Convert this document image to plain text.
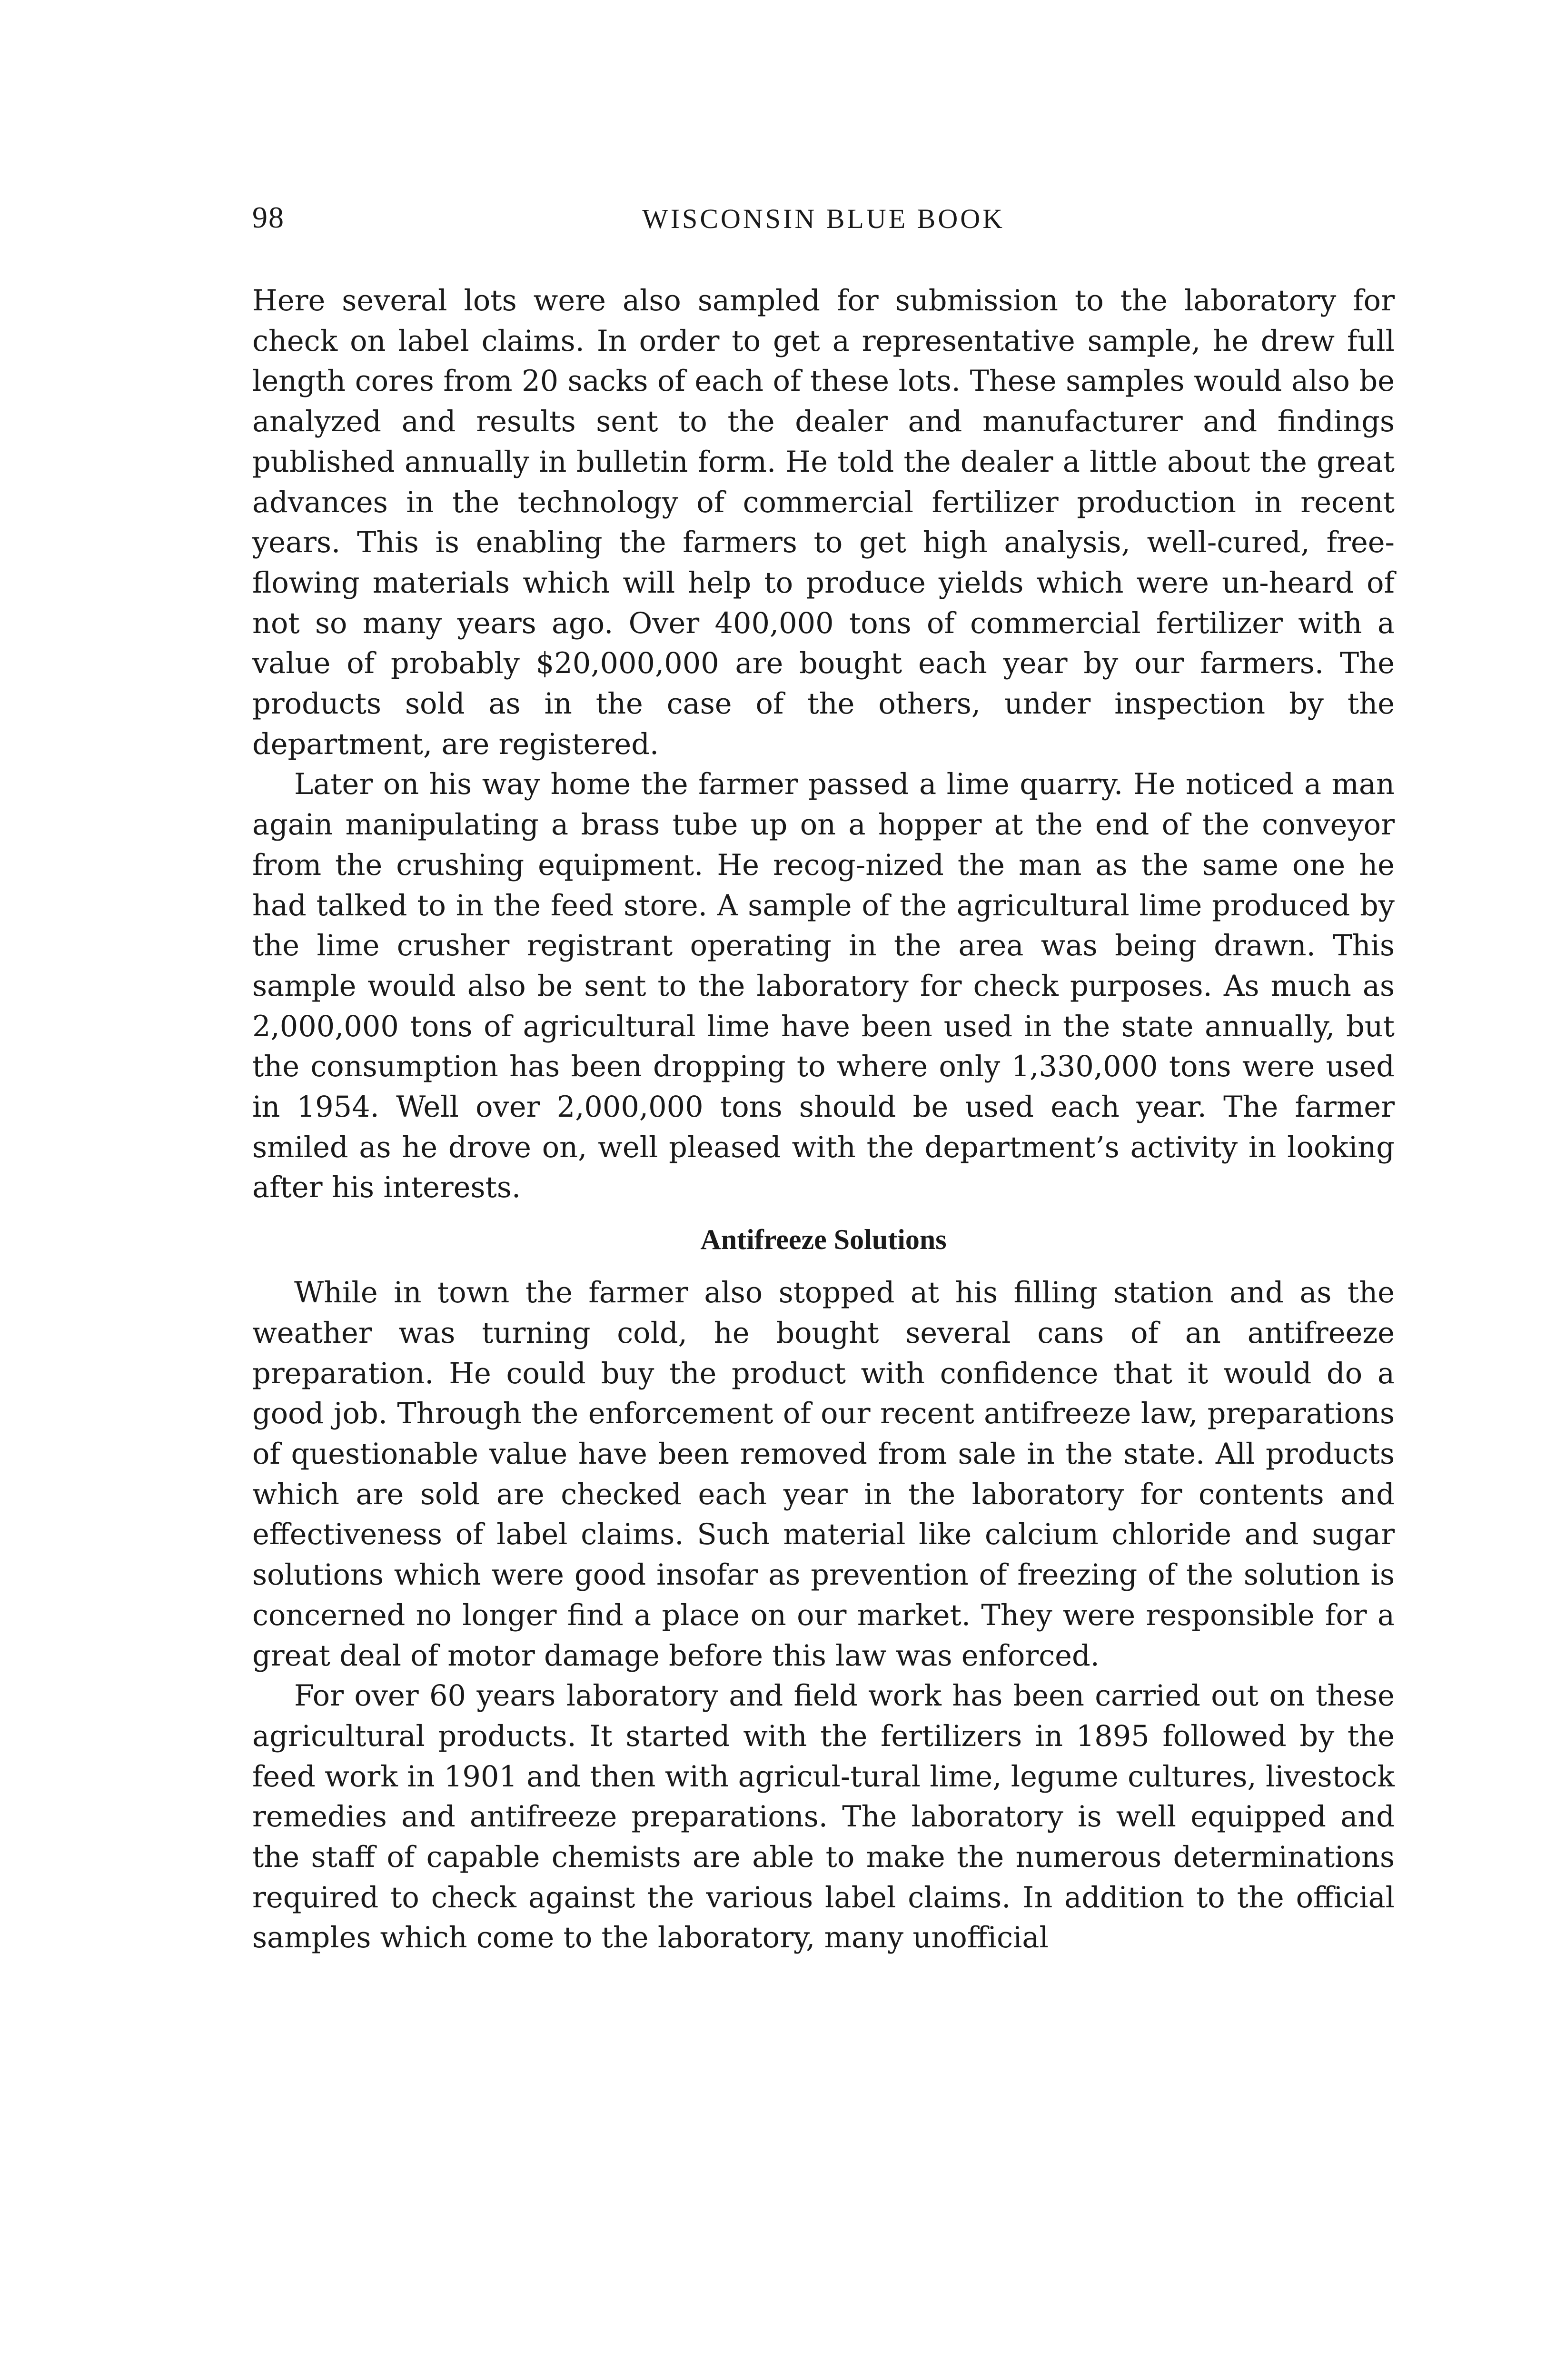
98	WISCONSIN BLUE BOOK

Here several lots were also sampled for submission to the laboratory for check on label claims. In order to get a representative sample, he drew full length cores from 20 sacks of each of these lots. These samples would also be analyzed and results sent to the dealer and manufacturer and findings published annually in bulletin form. He told the dealer a little about the great advances in the technology of commercial fertilizer production in recent years. This is enabling the farmers to get high analysis, well-cured, free-flowing materials which will help to produce yields which were un-heard of not so many years ago. Over 400,000 tons of commercial fertilizer with a value of probably $20,000,000 are bought each year by our farmers. The products sold as in the case of the others, under inspection by the department, are registered.

Later on his way home the farmer passed a lime quarry. He noticed a man again manipulating a brass tube up on a hopper at the end of the conveyor from the crushing equipment. He recog-nized the man as the same one he had talked to in the feed store. A sample of the agricultural lime produced by the lime crusher registrant operating in the area was being drawn. This sample would also be sent to the laboratory for check purposes. As much as 2,000,000 tons of agricultural lime have been used in the state annually, but the consumption has been dropping to where only 1,330,000 tons were used in 1954. Well over 2,000,000 tons should be used each year. The farmer smiled as he drove on, well pleased with the department’s activity in looking after his interests.

Antifreeze Solutions

While in town the farmer also stopped at his filling station and as the weather was turning cold, he bought several cans of an antifreeze preparation. He could buy the product with confidence that it would do a good job. Through the enforcement of our recent antifreeze law, preparations of questionable value have been removed from sale in the state. All products which are sold are checked each year in the laboratory for contents and effectiveness of label claims. Such material like calcium chloride and sugar solutions which were good insofar as prevention of freezing of the solution is concerned no longer find a place on our market. They were responsible for a great deal of motor damage before this law was enforced.

For over 60 years laboratory and field work has been carried out on these agricultural products. It started with the fertilizers in 1895 followed by the feed work in 1901 and then with agricul-tural lime, legume cultures, livestock remedies and antifreeze preparations. The laboratory is well equipped and the staff of capable chemists are able to make the numerous determinations required to check against the various label claims. In addition to the official samples which come to the laboratory, many unofficial
